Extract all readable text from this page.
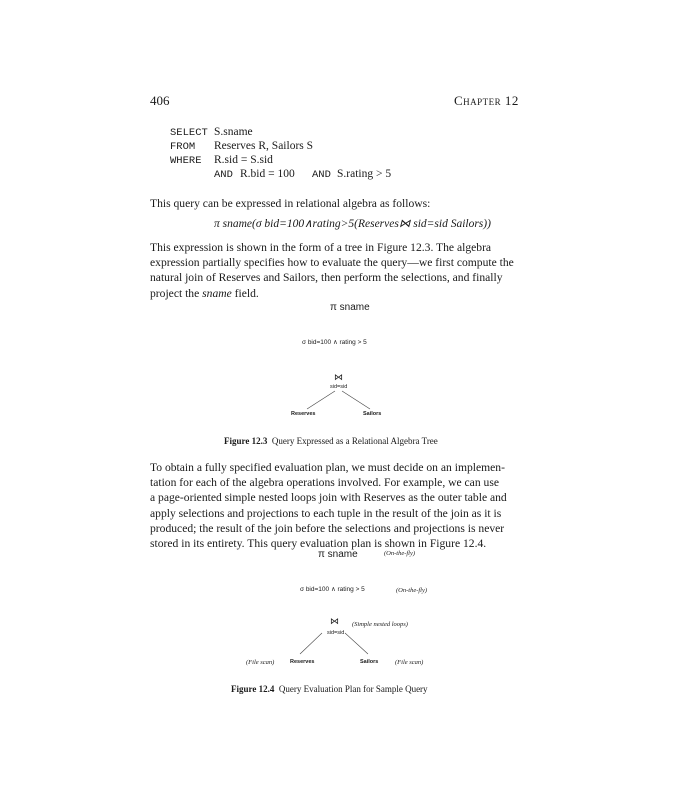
406	Chapter 12
SELECT S.sname
FROM Reserves R, Sailors S
WHERE R.sid = S.sid
AND R.bid = 100 AND S.rating > 5
This query can be expressed in relational algebra as follows:
π sname(σ bid=100∧rating>5(Reserves⋈ sid=sid Sailors))
This expression is shown in the form of a tree in Figure 12.3. The algebra
expression partially specifies how to evaluate the query—we first compute the
natural join of Reserves and Sailors, then perform the selections, and finally
project the sname field.
π sname
σ bid=100 ∧ rating > 5
⋈
sid=sid
Reserves	Sailors
Figure 12.3 Query Expressed as a Relational Algebra Tree
To obtain a fully specified evaluation plan, we must decide on an implemen-
tation for each of the algebra operations involved. For example, we can use
a page-oriented simple nested loops join with Reserves as the outer table and
apply selections and projections to each tuple in the result of the join as it is
produced; the result of the join before the selections and projections is never
stored in its entirety. This query evaluation plan is shown in Figure 12.4.
π sname	(On-the-fly)
σ bid=100 ∧ rating > 5	(On-the-fly)
⋈ (Simple nested loops)
sid=sid
(File scan)	Reserves	Sailors	(File scan)
Figure 12.4 Query Evaluation Plan for Sample Query
